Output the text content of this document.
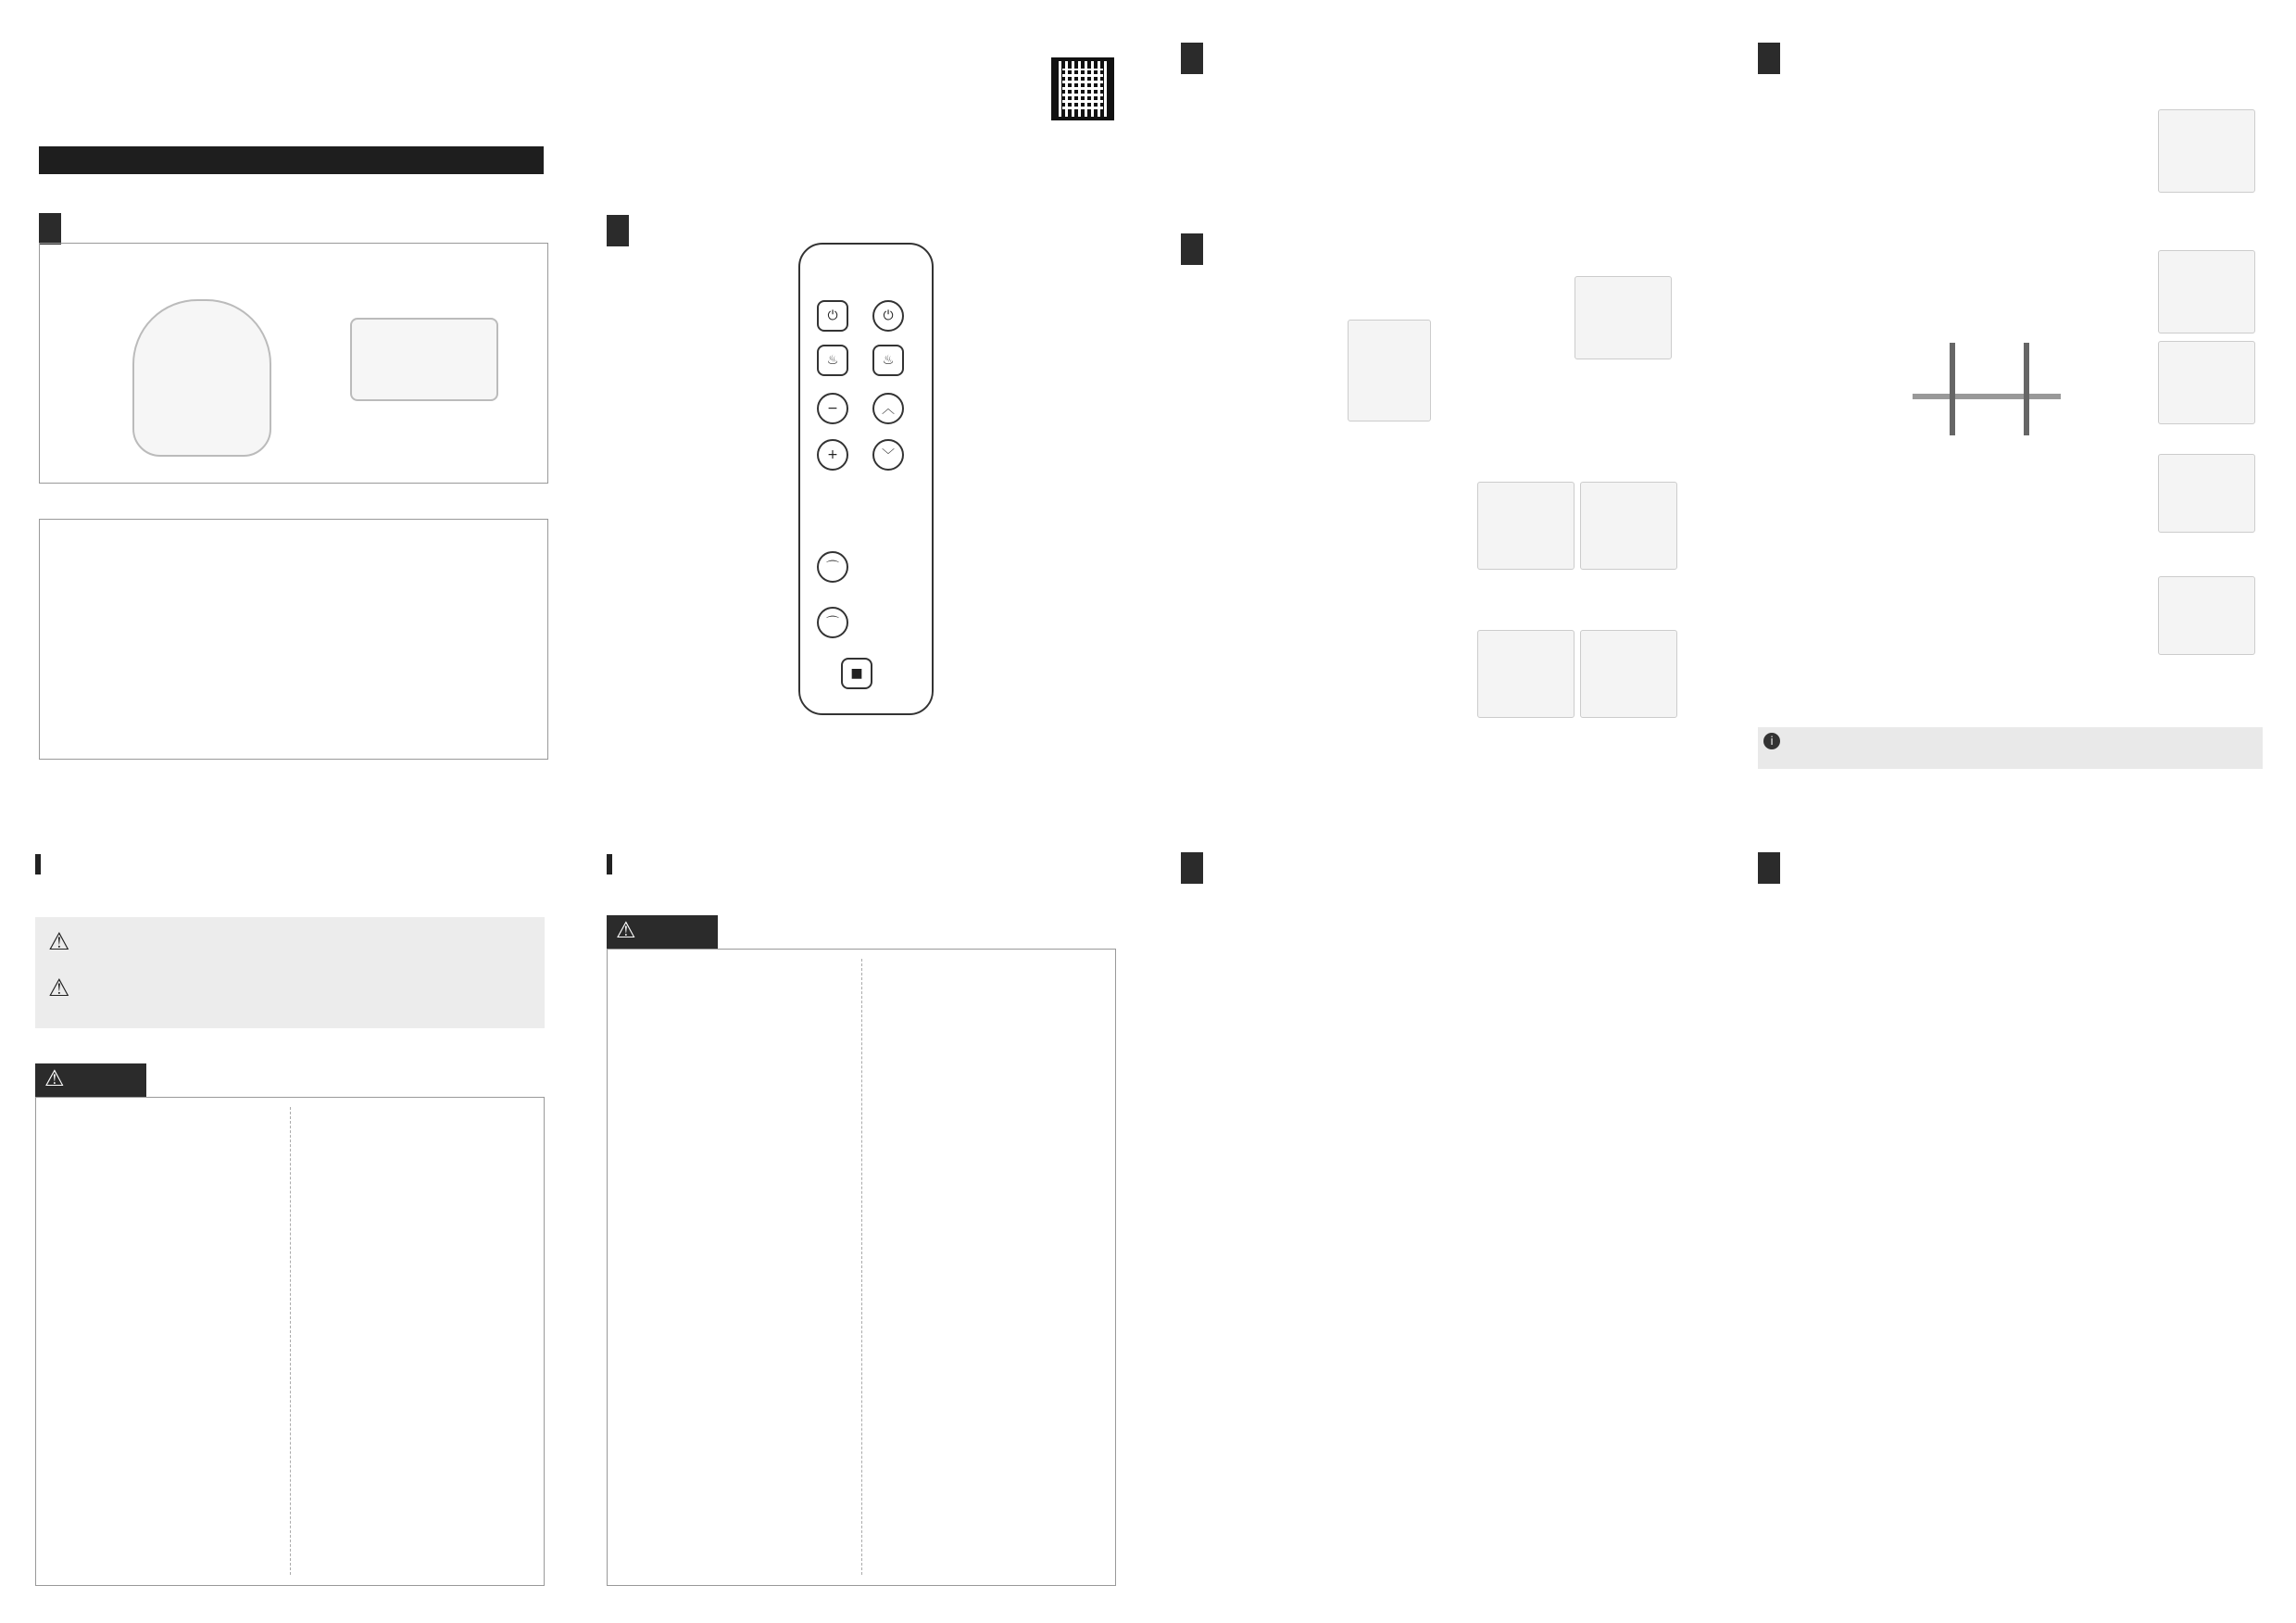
⏻	⏻
♨	♨
−	︿
+	﹀
⌒
⌒
■
i
⚠
⚠
⚠
⚠
